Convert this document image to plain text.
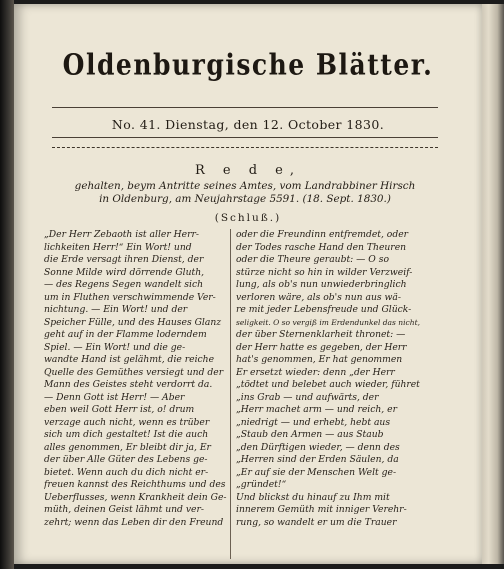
Oldenburgische Blätter.
No. 41. Dienstag, den 12. October 1830.
R e d e,
gehalten, beym Antritte seines Amtes, vom Landrabbiner Hirsch
in Oldenburg, am Neujahrstage 5591. (18. Sept. 1830.)
(Schluß.)
„Der Herr Zebaoth ist aller Herr-
lichkeiten Herr!“ Ein Wort! und
die Erde versagt ihren Dienst, der
Sonne Milde wird dörrende Gluth,
— des Regens Segen wandelt sich
um in Fluthen verschwimmende Ver-
nichtung. — Ein Wort! und der
Speicher Fülle, und des Hauses Glanz
geht auf in der Flamme loderndem
Spiel. — Ein Wort! und die ge-
wandte Hand ist gelähmt, die reiche
Quelle des Gemüthes versiegt und der
Mann des Geistes steht verdorrt da.
— Denn Gott ist Herr! — Aber
eben weil Gott Herr ist, o! drum
verzage auch nicht, wenn es trüber
sich um dich gestaltet! Ist die auch
alles genommen, Er bleibt dir ja, Er
der über Alle Güter des Lebens ge-
bietet. Wenn auch du dich nicht er-
freuen kannst des Reichthums und des
Ueberflusses, wenn Krankheit dein Ge-
müth, deinen Geist lähmt und ver-
zehrt; wenn das Leben dir den Freund
oder die Freundinn entfremdet, oder
der Todes rasche Hand den Theuren
oder die Theure geraubt: — O so
stürze nicht so hin in wilder Verzweif-
lung, als ob's nun unwiederbringlich
verloren wäre, als ob's nun aus wä-
re mit jeder Lebensfreude und Glück-
seligkeit. O so vergiß im Erdendunkel das nicht,
der über Sternenklarheit thronet: —
der Herr hatte es gegeben, der Herr
hat's genommen, Er hat genommen
Er ersetzt wieder: denn „der Herr
„tödtet und belebet auch wieder, führet
„ins Grab — und aufwärts, der
„Herr machet arm — und reich, er
„niedrigt — und erhebt, hebt aus
„Staub den Armen — aus Staub
„den Dürftigen wieder, — denn des
„Herren sind der Erden Säulen, da
„Er auf sie der Menschen Welt ge-
„gründet!“
Und blickst du hinauf zu Ihm mit
innerem Gemüth mit inniger Verehr-
rung, so wandelt er um die Trauer
